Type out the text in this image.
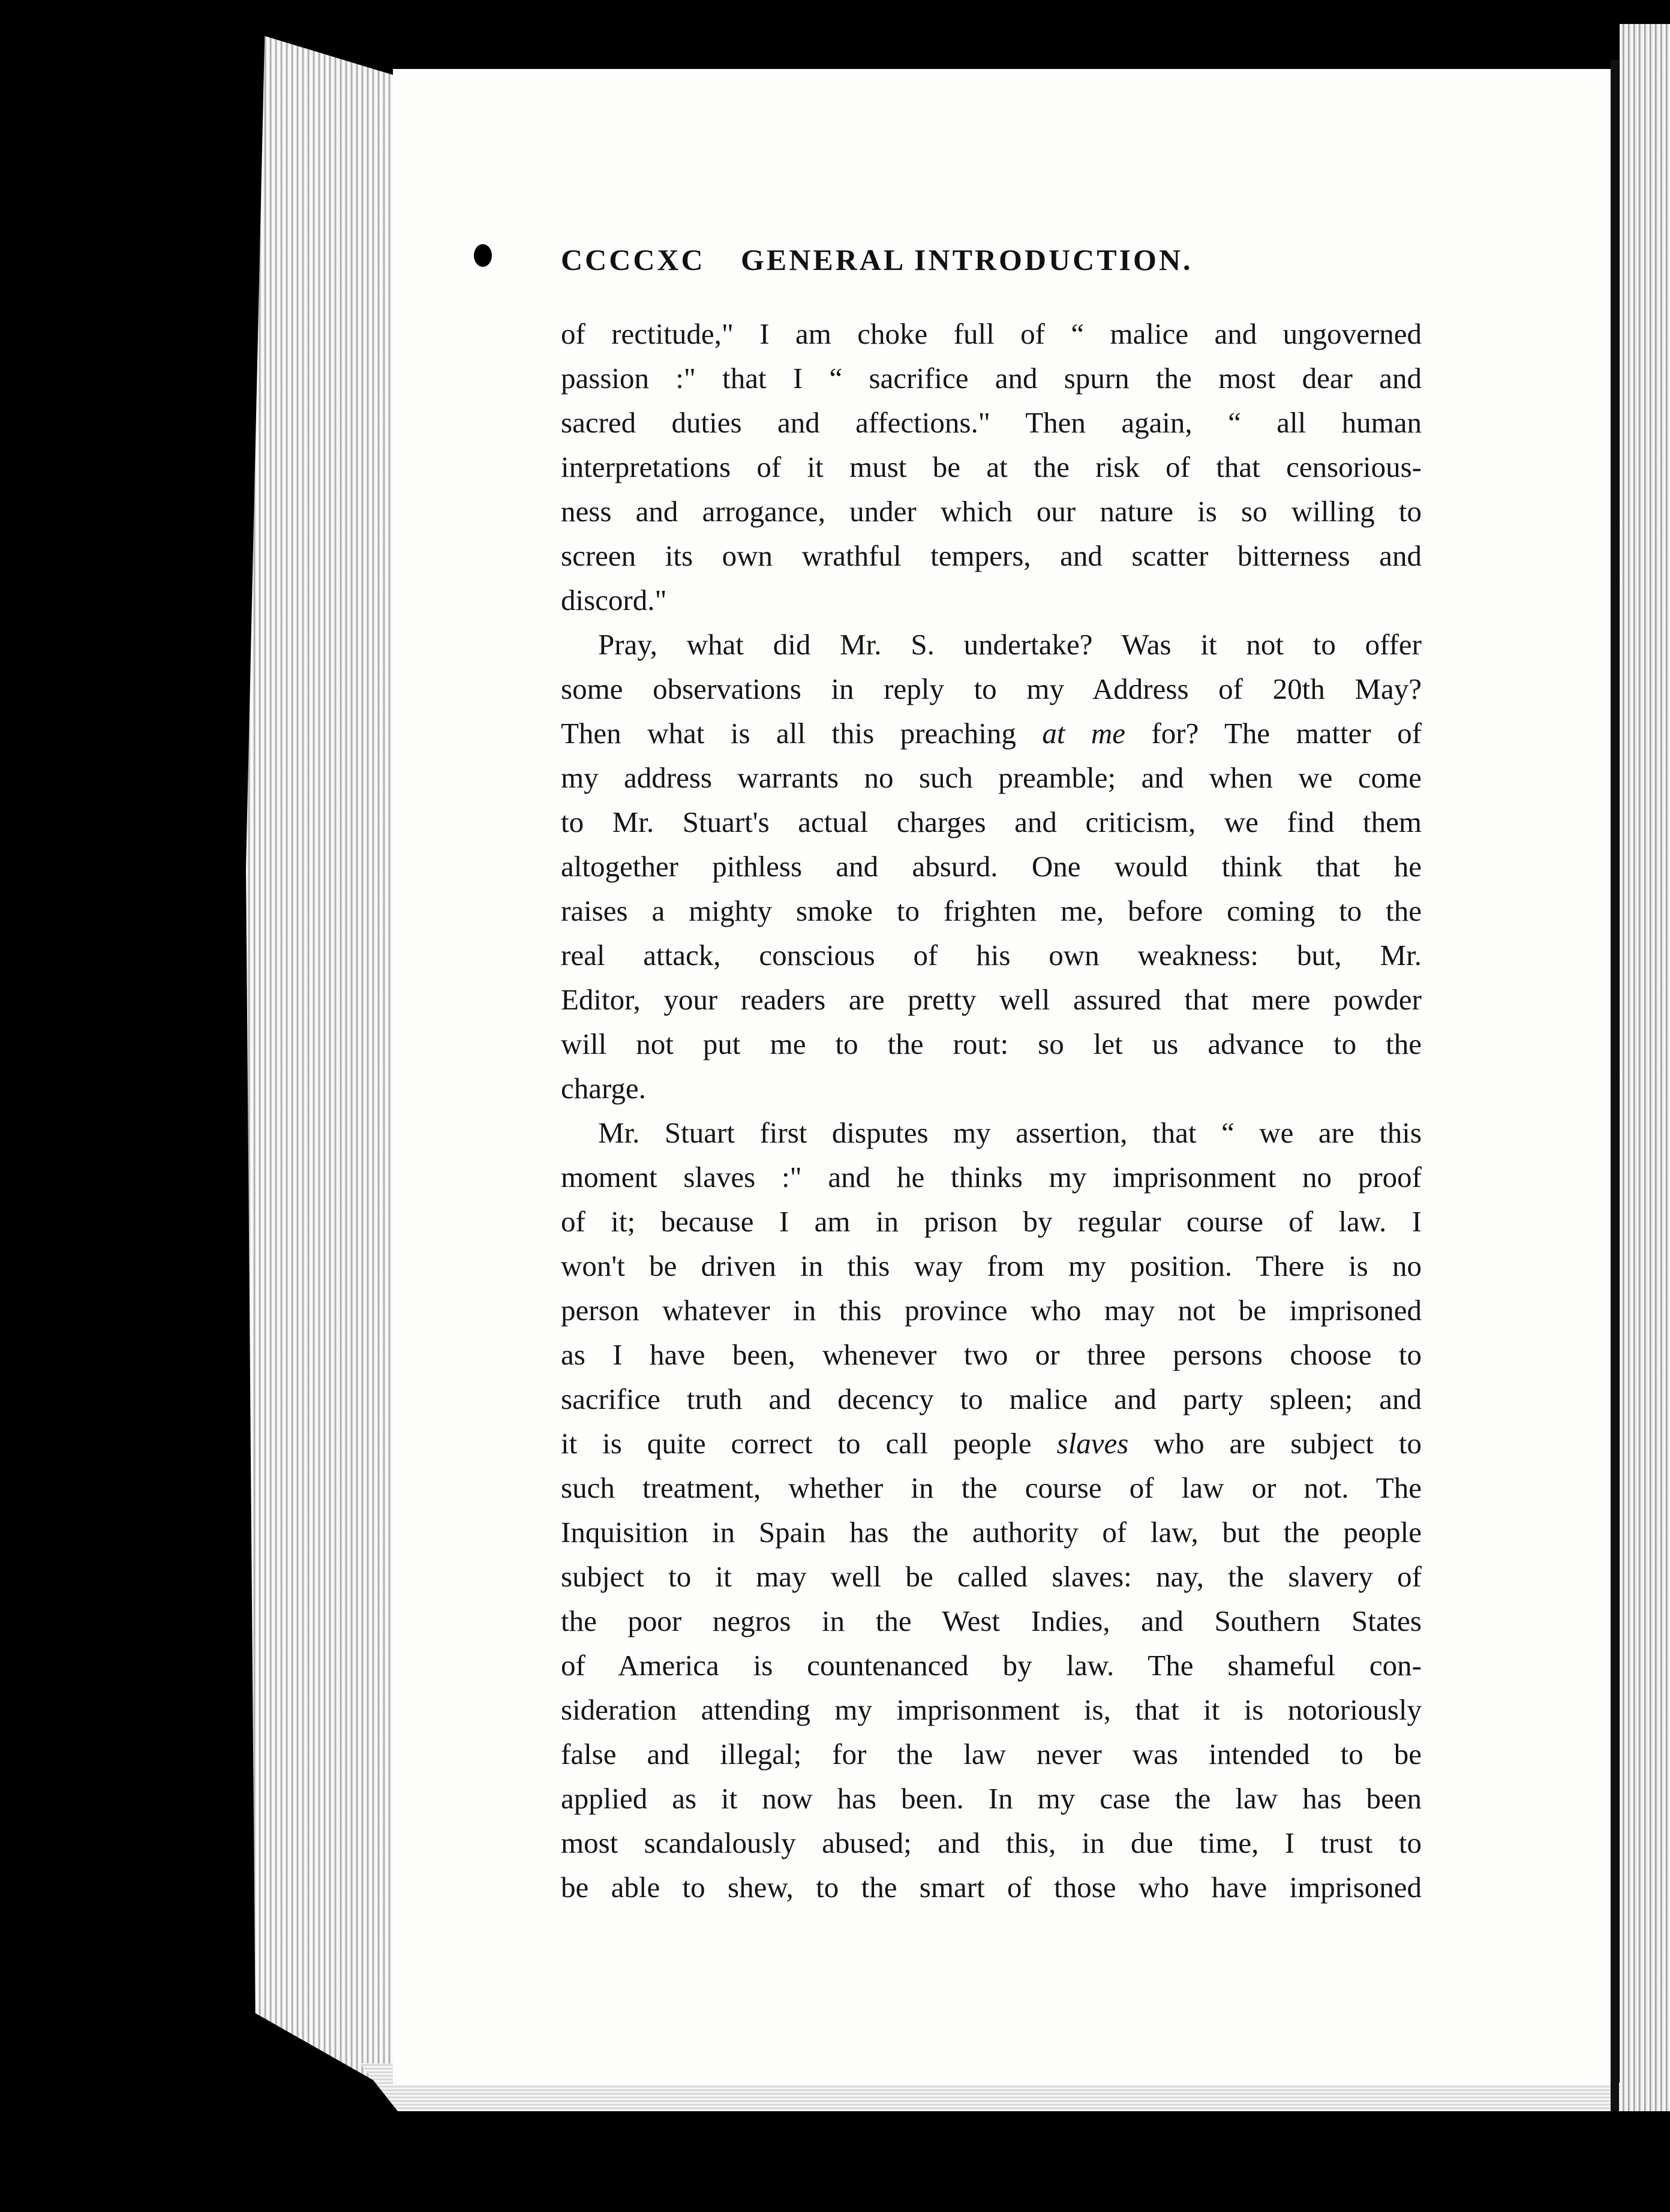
CCCCXC GENERAL INTRODUCTION.
of rectitude," I am choke full of “ malice and ungoverned
passion :" that I “ sacrifice and spurn the most dear and
sacred duties and affections." Then again, “ all human
interpretations of it must be at the risk of that censorious-
ness and arrogance, under which our nature is so willing to
screen its own wrathful tempers, and scatter bitterness and
discord."
Pray, what did Mr. S. undertake? Was it not to offer
some observations in reply to my Address of 20th May?
Then what is all this preaching at me for? The matter of
my address warrants no such preamble; and when we come
to Mr. Stuart's actual charges and criticism, we find them
altogether pithless and absurd. One would think that he
raises a mighty smoke to frighten me, before coming to the
real attack, conscious of his own weakness: but, Mr.
Editor, your readers are pretty well assured that mere powder
will not put me to the rout: so let us advance to the
charge.
Mr. Stuart first disputes my assertion, that “ we are this
moment slaves :" and he thinks my imprisonment no proof
of it; because I am in prison by regular course of law. I
won't be driven in this way from my position. There is no
person whatever in this province who may not be imprisoned
as I have been, whenever two or three persons choose to
sacrifice truth and decency to malice and party spleen; and
it is quite correct to call people slaves who are subject to
such treatment, whether in the course of law or not. The
Inquisition in Spain has the authority of law, but the people
subject to it may well be called slaves: nay, the slavery of
the poor negros in the West Indies, and Southern States
of America is countenanced by law. The shameful con-
sideration attending my imprisonment is, that it is notoriously
false and illegal; for the law never was intended to be
applied as it now has been. In my case the law has been
most scandalously abused; and this, in due time, I trust to
be able to shew, to the smart of those who have imprisoned
